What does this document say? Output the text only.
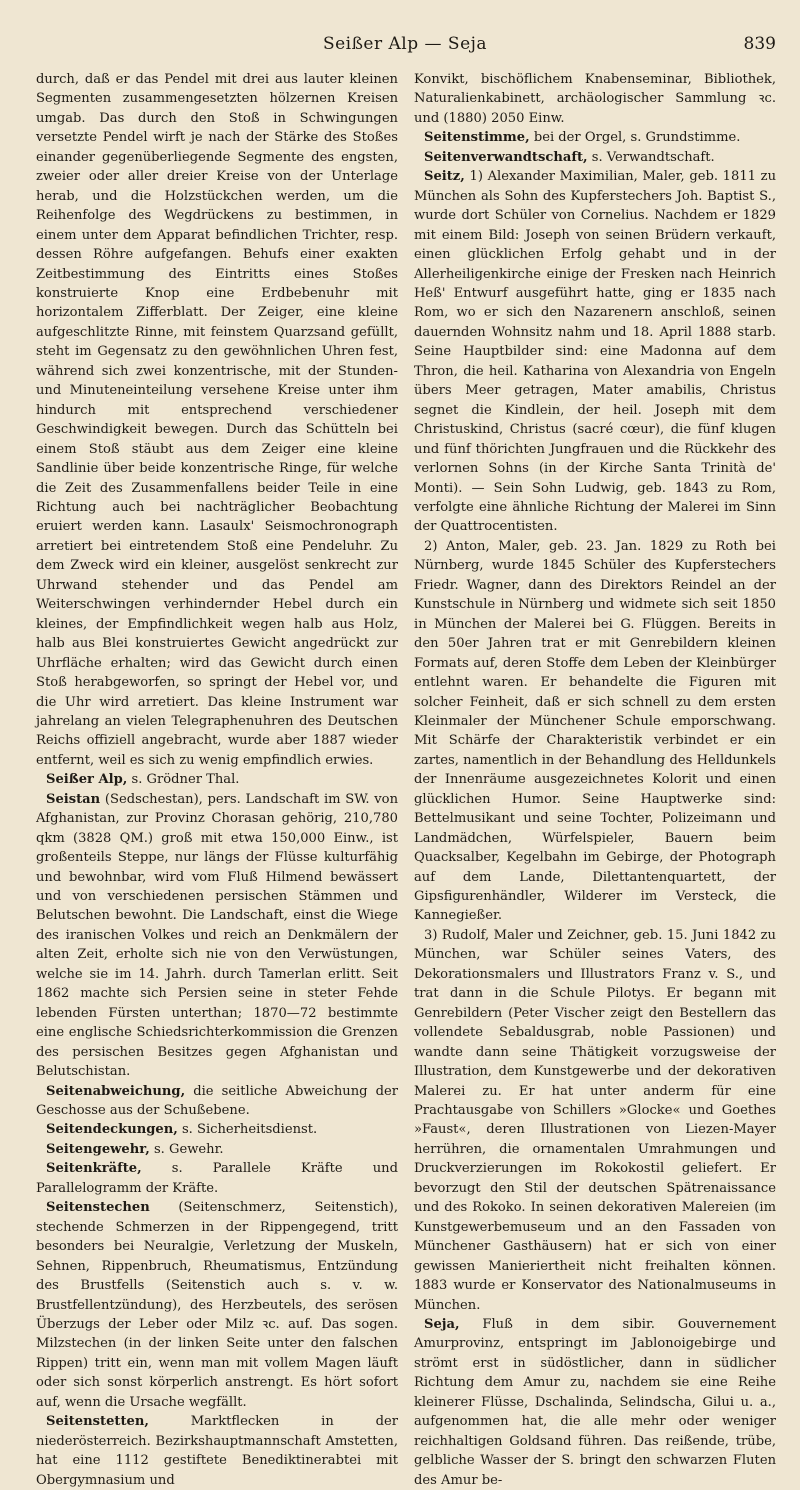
Seißer Alp — Seja	839

durch, daß er das Pendel mit drei aus lauter kleinen Segmenten zusammengesetzten hölzernen Kreisen umgab. Das durch den Stoß in Schwingungen versetzte Pendel wirft je nach der Stärke des Stoßes einander gegenüberliegende Segmente des engsten, zweier oder aller dreier Kreise von der Unterlage herab, und die Holzstückchen werden, um die Reihenfolge des Wegdrückens zu bestimmen, in einem unter dem Apparat befindlichen Trichter, resp. dessen Röhre aufgefangen. Behufs einer exakten Zeitbestimmung des Eintritts eines Stoßes konstruierte Knop eine Erdbebenuhr mit horizontalem Zifferblatt. Der Zeiger, eine kleine aufgeschlitzte Rinne, mit feinstem Quarzsand gefüllt, steht im Gegensatz zu den gewöhnlichen Uhren fest, während sich zwei konzentrische, mit der Stunden- und Minuteneinteilung versehene Kreise unter ihm hindurch mit entsprechend verschiedener Geschwindigkeit bewegen. Durch das Schütteln bei einem Stoß stäubt aus dem Zeiger eine kleine Sandlinie über beide konzentrische Ringe, für welche die Zeit des Zusammenfallens beider Teile in eine Richtung auch bei nachträglicher Beobachtung eruiert werden kann. Lasaulx' Seismochronograph arretiert bei eintretendem Stoß eine Pendeluhr. Zu dem Zweck wird ein kleiner, ausgelöst senkrecht zur Uhrwand stehender und das Pendel am Weiterschwingen verhindernder Hebel durch ein kleines, der Empfindlichkeit wegen halb aus Holz, halb aus Blei konstruiertes Gewicht angedrückt zur Uhrfläche erhalten; wird das Gewicht durch einen Stoß herabgeworfen, so springt der Hebel vor, und die Uhr wird arretiert. Das kleine Instrument war jahrelang an vielen Telegraphenuhren des Deutschen Reichs offiziell angebracht, wurde aber 1887 wieder entfernt, weil es sich zu wenig empfindlich erwies.

Seißer Alp, s. Grödner Thal.

Seistan (Sedschestan), pers. Landschaft im SW. von Afghanistan, zur Provinz Chorasan gehörig, 210,780 qkm (3828 QM.) groß mit etwa 150,000 Einw., ist großenteils Steppe, nur längs der Flüsse kulturfähig und bewohnbar, wird vom Fluß Hilmend bewässert und von verschiedenen persischen Stämmen und Belutschen bewohnt. Die Landschaft, einst die Wiege des iranischen Volkes und reich an Denkmälern der alten Zeit, erholte sich nie von den Verwüstungen, welche sie im 14. Jahrh. durch Tamerlan erlitt. Seit 1862 machte sich Persien seine in steter Fehde lebenden Fürsten unterthan; 1870—72 bestimmte eine englische Schiedsrichterkommission die Grenzen des persischen Besitzes gegen Afghanistan und Belutschistan.

Seitenabweichung, die seitliche Abweichung der Geschosse aus der Schußebene.

Seitendeckungen, s. Sicherheitsdienst.

Seitengewehr, s. Gewehr.

Seitenkräfte, s. Parallele Kräfte und Parallelogramm der Kräfte.

Seitenstechen (Seitenschmerz, Seitenstich), stechende Schmerzen in der Rippengegend, tritt besonders bei Neuralgie, Verletzung der Muskeln, Sehnen, Rippenbruch, Rheumatismus, Entzündung des Brustfells (Seitenstich auch s. v. w. Brustfellentzündung), des Herzbeutels, des serösen Überzugs der Leber oder Milz ꝛc. auf. Das sogen. Milzstechen (in der linken Seite unter den falschen Rippen) tritt ein, wenn man mit vollem Magen läuft oder sich sonst körperlich anstrengt. Es hört sofort auf, wenn die Ursache wegfällt.

Seitenstetten, Marktflecken in der niederösterreich. Bezirkshauptmannschaft Amstetten, hat eine 1112 gestiftete Benediktinerabtei mit Obergymnasium und

Konvikt, bischöflichem Knabenseminar, Bibliothek, Naturalienkabinett, archäologischer Sammlung ꝛc. und (1880) 2050 Einw.

Seitenstimme, bei der Orgel, s. Grundstimme.

Seitenverwandtschaft, s. Verwandtschaft.

Seitz, 1) Alexander Maximilian, Maler, geb. 1811 zu München als Sohn des Kupferstechers Joh. Baptist S., wurde dort Schüler von Cornelius. Nachdem er 1829 mit einem Bild: Joseph von seinen Brüdern verkauft, einen glücklichen Erfolg gehabt und in der Allerheiligenkirche einige der Fresken nach Heinrich Heß' Entwurf ausgeführt hatte, ging er 1835 nach Rom, wo er sich den Nazarenern anschloß, seinen dauernden Wohnsitz nahm und 18. April 1888 starb. Seine Hauptbilder sind: eine Madonna auf dem Thron, die heil. Katharina von Alexandria von Engeln übers Meer getragen, Mater amabilis, Christus segnet die Kindlein, der heil. Joseph mit dem Christuskind, Christus (sacré cœur), die fünf klugen und fünf thörichten Jungfrauen und die Rückkehr des verlornen Sohns (in der Kirche Santa Trinità de' Monti). — Sein Sohn Ludwig, geb. 1843 zu Rom, verfolgte eine ähnliche Richtung der Malerei im Sinn der Quattrocentisten.

2) Anton, Maler, geb. 23. Jan. 1829 zu Roth bei Nürnberg, wurde 1845 Schüler des Kupferstechers Friedr. Wagner, dann des Direktors Reindel an der Kunstschule in Nürnberg und widmete sich seit 1850 in München der Malerei bei G. Flüggen. Bereits in den 50er Jahren trat er mit Genrebildern kleinen Formats auf, deren Stoffe dem Leben der Kleinbürger entlehnt waren. Er behandelte die Figuren mit solcher Feinheit, daß er sich schnell zu dem ersten Kleinmaler der Münchener Schule emporschwang. Mit Schärfe der Charakteristik verbindet er ein zartes, namentlich in der Behandlung des Helldunkels der Innenräume ausgezeichnetes Kolorit und einen glücklichen Humor. Seine Hauptwerke sind: Bettelmusikant und seine Tochter, Polizeimann und Landmädchen, Würfelspieler, Bauern beim Quacksalber, Kegelbahn im Gebirge, der Photograph auf dem Lande, Dilettantenquartett, der Gipsfigurenhändler, Wilderer im Versteck, die Kannegießer.

3) Rudolf, Maler und Zeichner, geb. 15. Juni 1842 zu München, war Schüler seines Vaters, des Dekorationsmalers und Illustrators Franz v. S., und trat dann in die Schule Pilotys. Er begann mit Genrebildern (Peter Vischer zeigt den Bestellern das vollendete Sebaldusgrab, noble Passionen) und wandte dann seine Thätigkeit vorzugsweise der Illustration, dem Kunstgewerbe und der dekorativen Malerei zu. Er hat unter anderm für eine Prachtausgabe von Schillers »Glocke« und Goethes »Faust«, deren Illustrationen von Liezen-Mayer herrühren, die ornamentalen Umrahmungen und Druckverzierungen im Rokokostil geliefert. Er bevorzugt den Stil der deutschen Spätrenaissance und des Rokoko. In seinen dekorativen Malereien (im Kunstgewerbemuseum und an den Fassaden von Münchener Gasthäusern) hat er sich von einer gewissen Manieriertheit nicht freihalten können. 1883 wurde er Konservator des Nationalmuseums in München.

Seja, Fluß in dem sibir. Gouvernement Amurprovinz, entspringt im Jablonoigebirge und strömt erst in südöstlicher, dann in südlicher Richtung dem Amur zu, nachdem sie eine Reihe kleinerer Flüsse, Dschalinda, Selindscha, Gilui u. a., aufgenommen hat, die alle mehr oder weniger reichhaltigen Goldsand führen. Das reißende, trübe, gelbliche Wasser der S. bringt den schwarzen Fluten des Amur be-
